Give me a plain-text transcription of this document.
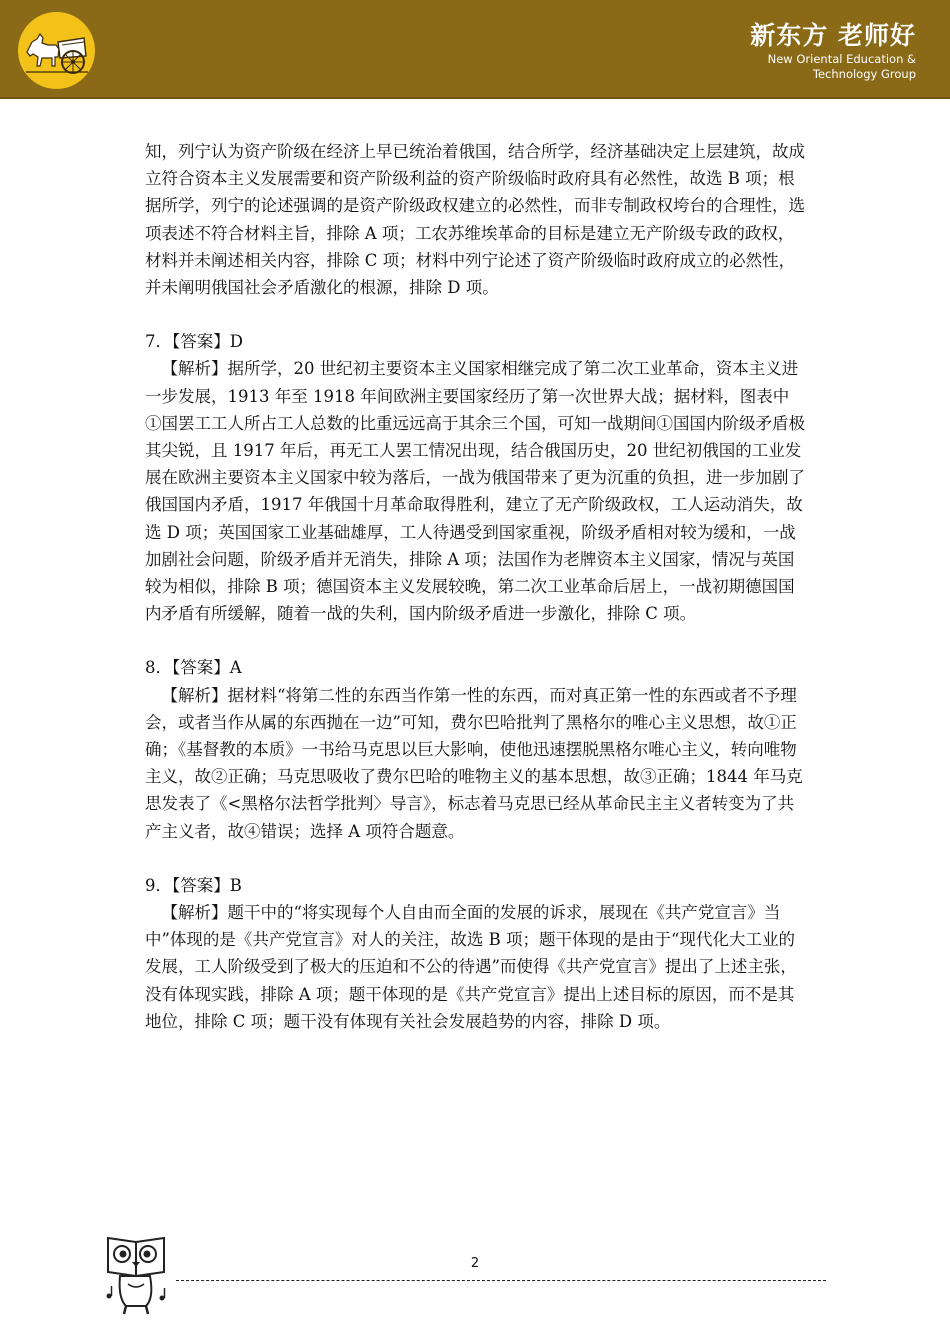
新东方 老师好
New Oriental Education &
Technology Group

知，列宁认为资产阶级在经济上早已统治着俄国，结合所学，经济基础决定上层建筑，故成立符合资本主义发展需要和资产阶级利益的资产阶级临时政府具有必然性，故选 B 项；根据所学，列宁的论述强调的是资产阶级政权建立的必然性，而非专制政权垮台的合理性，选项表述不符合材料主旨，排除 A 项；工农苏维埃革命的目标是建立无产阶级专政的政权，材料并未阐述相关内容，排除 C 项；材料中列宁论述了资产阶级临时政府成立的必然性，并未阐明俄国社会矛盾激化的根源，排除 D 项。

7．【答案】D

【解析】据所学，20 世纪初主要资本主义国家相继完成了第二次工业革命，资本主义进一步发展，1913 年至 1918 年间欧洲主要国家经历了第一次世界大战；据材料，图表中①国罢工工人所占工人总数的比重远远高于其余三个国，可知一战期间①国国内阶级矛盾极其尖锐，且 1917 年后，再无工人罢工情况出现，结合俄国历史，20 世纪初俄国的工业发展在欧洲主要资本主义国家中较为落后，一战为俄国带来了更为沉重的负担，进一步加剧了俄国国内矛盾，1917 年俄国十月革命取得胜利，建立了无产阶级政权，工人运动消失，故选 D 项；英国国家工业基础雄厚，工人待遇受到国家重视，阶级矛盾相对较为缓和，一战加剧社会问题，阶级矛盾并无消失，排除 A 项；法国作为老牌资本主义国家，情况与英国较为相似，排除 B 项；德国资本主义发展较晚，第二次工业革命后居上，一战初期德国国内矛盾有所缓解，随着一战的失利，国内阶级矛盾进一步激化，排除 C 项。

8．【答案】A

【解析】据材料“将第二性的东西当作第一性的东西，而对真正第一性的东西或者不予理会，或者当作从属的东西抛在一边”可知，费尔巴哈批判了黑格尔的唯心主义思想，故①正确；《基督教的本质》一书给马克思以巨大影响，使他迅速摆脱黑格尔唯心主义，转向唯物主义，故②正确；马克思吸收了费尔巴哈的唯物主义的基本思想，故③正确；1844 年马克思发表了《<黑格尔法哲学批判〉导言》，标志着马克思已经从革命民主主义者转变为了共产主义者，故④错误；选择 A 项符合题意。

9．【答案】B

【解析】题干中的“将实现每个人自由而全面的发展的诉求，展现在《共产党宣言》当中”体现的是《共产党宣言》对人的关注，故选 B 项；题干体现的是由于“现代化大工业的发展，工人阶级受到了极大的压迫和不公的待遇”而使得《共产党宣言》提出了上述主张，没有体现实践，排除 A 项；题干体现的是《共产党宣言》提出上述目标的原因，而不是其地位，排除 C 项；题干没有体现有关社会发展趋势的内容，排除 D 项。

2
